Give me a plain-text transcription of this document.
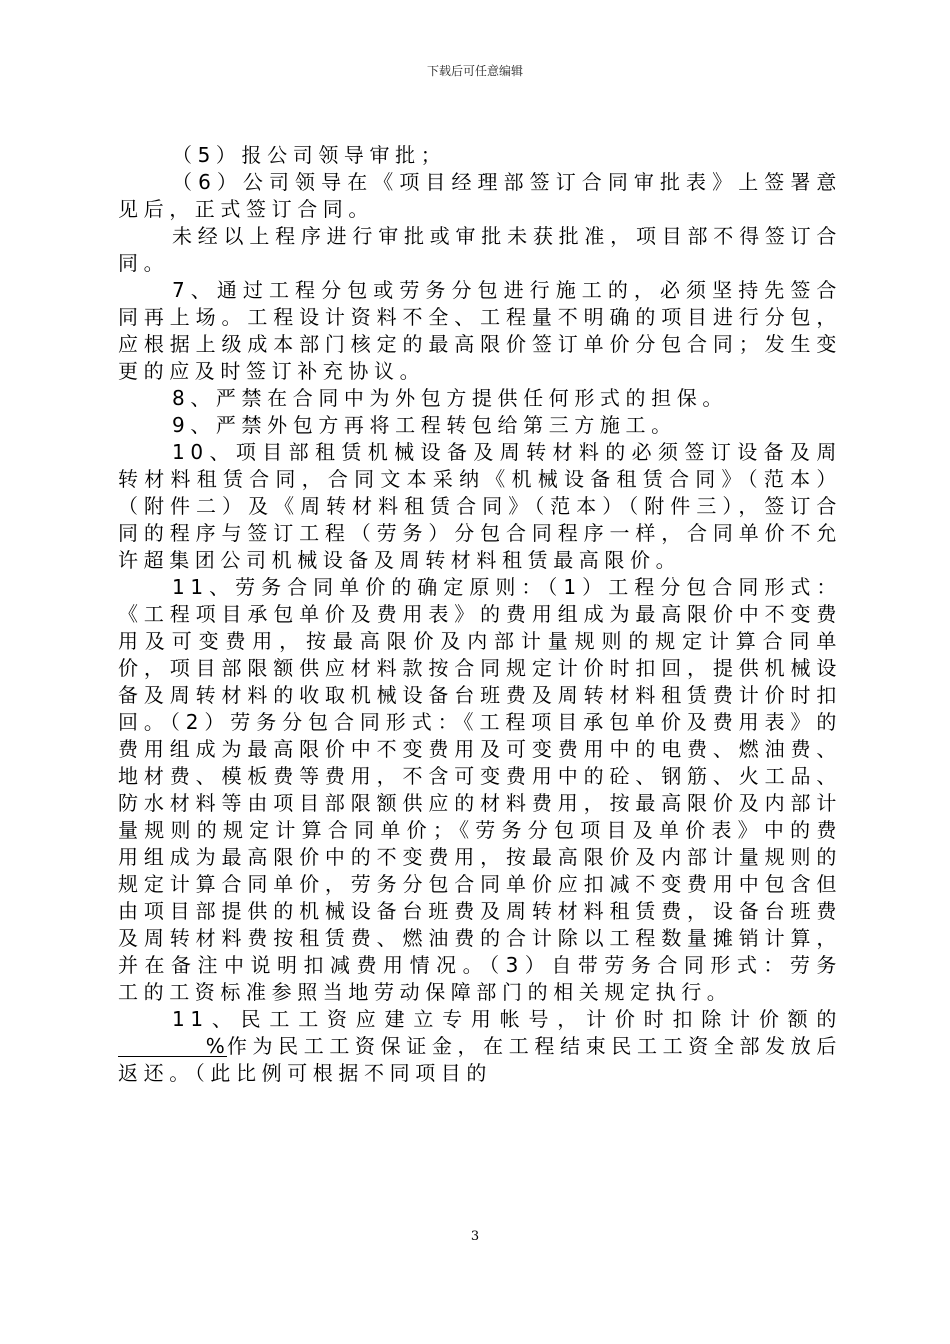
下载后可任意编辑

（5）报公司领导审批；

（6）公司领导在《项目经理部签订合同审批表》上签署意见后，正式签订合同。

未经以上程序进行审批或审批未获批准，项目部不得签订合同。

7、通过工程分包或劳务分包进行施工的，必须坚持先签合同再上场。工程设计资料不全、工程量不明确的项目进行分包，应根据上级成本部门核定的最高限价签订单价分包合同；发生变更的应及时签订补充协议。

8、严禁在合同中为外包方提供任何形式的担保。

9、严禁外包方再将工程转包给第三方施工。

10、项目部租赁机械设备及周转材料的必须签订设备及周转材料租赁合同，合同文本采纳《机械设备租赁合同》（范本）（附件二）及《周转材料租赁合同》（范本）（附件三），签订合同的程序与签订工程（劳务）分包合同程序一样，合同单价不允许超集团公司机械设备及周转材料租赁最高限价。

11、劳务合同单价的确定原则：（1）工程分包合同形式：《工程项目承包单价及费用表》的费用组成为最高限价中不变费用及可变费用，按最高限价及内部计量规则的规定计算合同单价，项目部限额供应材料款按合同规定计价时扣回，提供机械设备及周转材料的收取机械设备台班费及周转材料租赁费计价时扣回。（2）劳务分包合同形式：《工程项目承包单价及费用表》的费用组成为最高限价中不变费用及可变费用中的电费、燃油费、地材费、模板费等费用，不含可变费用中的砼、钢筋、火工品、防水材料等由项目部限额供应的材料费用，按最高限价及内部计量规则的规定计算合同单价；《劳务分包项目及单价表》中的费用组成为最高限价中的不变费用，按最高限价及内部计量规则的规定计算合同单价，劳务分包合同单价应扣减不变费用中包含但由项目部提供的机械设备台班费及周转材料租赁费，设备台班费及周转材料费按租赁费、燃油费的合计除以工程数量摊销计算，并在备注中说明扣减费用情况。（3）自带劳务合同形式：劳务工的工资标准参照当地劳动保障部门的相关规定执行。

11、民工工资应建立专用帐号，计价时扣除计价额的     % 作为民工工资保证金，在工程结束民工工资全部发放后返还。（此比例可根据不同项目的

3
